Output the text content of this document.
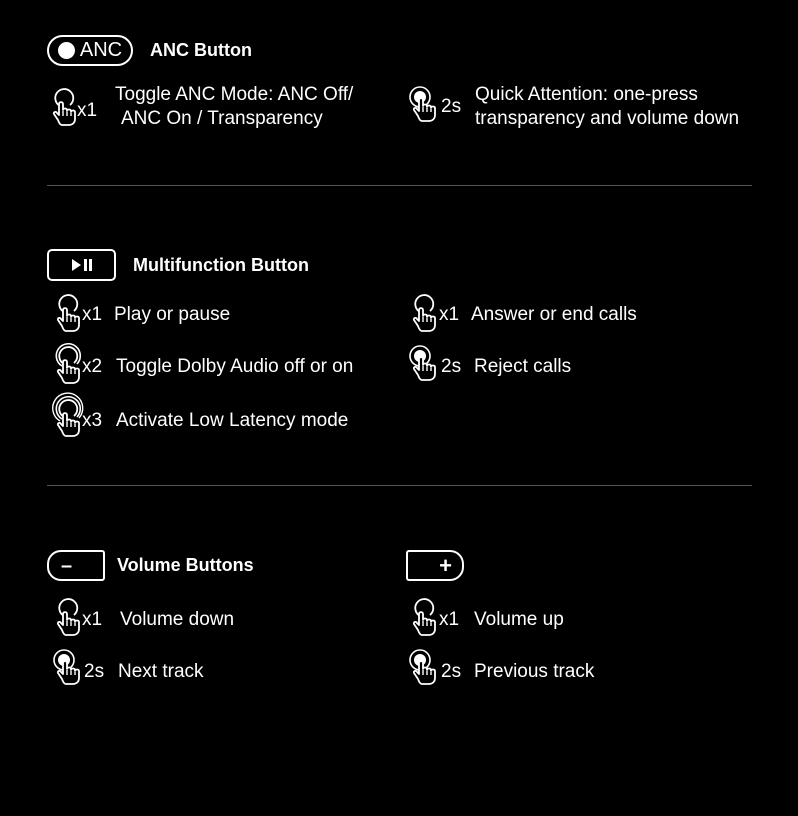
ANC ANC Button
x1
Toggle ANC Mode: ANC Off/
ANC On / Transparency
2s
Quick Attention: one-press
transparency and volume down
Multifunction Button
x1 Play or pause
x2 Toggle Dolby Audio off or on
x3 Activate Low Latency mode
x1 Answer or end calls
2s Reject calls
– Volume Buttons	+
x1 Volume down
2s Next track
x1 Volume up
2s Previous track
